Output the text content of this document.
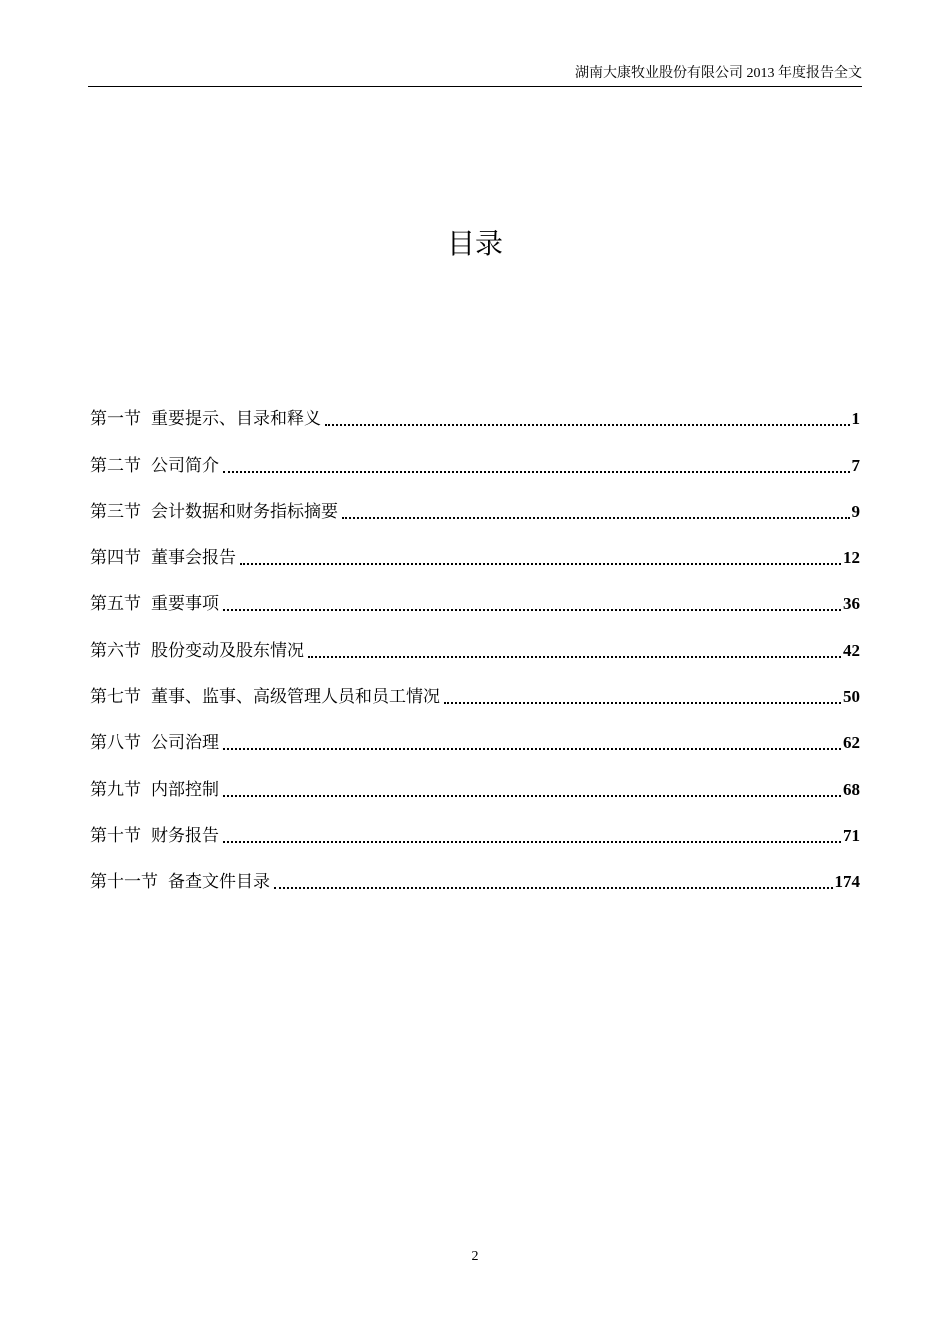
湖南大康牧业股份有限公司 2013 年度报告全文
目录
第一节 重要提示、目录和释义	1
第二节 公司简介	7
第三节 会计数据和财务指标摘要	9
第四节 董事会报告	12
第五节 重要事项	36
第六节 股份变动及股东情况	42
第七节 董事、监事、高级管理人员和员工情况	50
第八节 公司治理	62
第九节 内部控制	68
第十节 财务报告	71
第十一节 备查文件目录	174
2
